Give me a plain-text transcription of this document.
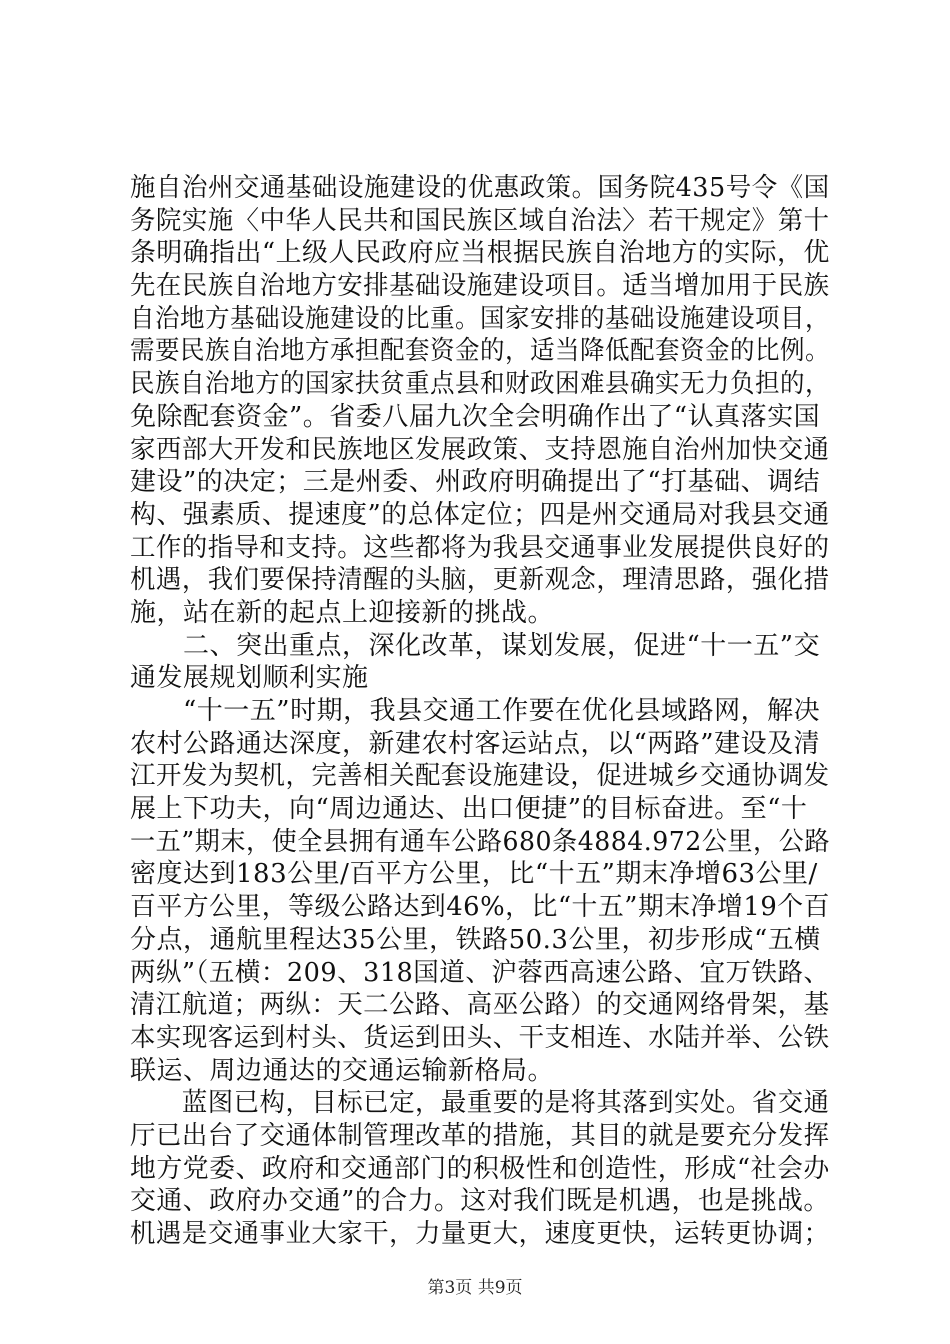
施自治州交通基础设施建设的优惠政策。国务院435号令《国
务院实施〈中华人民共和国民族区域自治法〉若干规定》第十
条明确指出“上级人民政府应当根据民族自治地方的实际，优
先在民族自治地方安排基础设施建设项目。适当增加用于民族
自治地方基础设施建设的比重。国家安排的基础设施建设项目，
需要民族自治地方承担配套资金的，适当降低配套资金的比例。
民族自治地方的国家扶贫重点县和财政困难县确实无力负担的，
免除配套资金”。省委八届九次全会明确作出了“认真落实国
家西部大开发和民族地区发展政策、支持恩施自治州加快交通
建设”的决定；三是州委、州政府明确提出了“打基础、调结
构、强素质、提速度”的总体定位；四是州交通局对我县交通
工作的指导和支持。这些都将为我县交通事业发展提供良好的
机遇，我们要保持清醒的头脑，更新观念，理清思路，强化措
施，站在新的起点上迎接新的挑战。
　　二、突出重点，深化改革，谋划发展，促进“十一五”交
通发展规划顺利实施
　　“十一五”时期，我县交通工作要在优化县域路网，解决
农村公路通达深度，新建农村客运站点，以“两路”建设及清
江开发为契机，完善相关配套设施建设，促进城乡交通协调发
展上下功夫，向“周边通达、出口便捷”的目标奋进。至“十
一五”期末，使全县拥有通车公路680条4884.972公里，公路
密度达到183公里/百平方公里，比“十五”期末净增63公里/
百平方公里，等级公路达到46%，比“十五”期末净增19个百
分点，通航里程达35公里，铁路50.3公里，初步形成“五横
两纵”（五横：209、318国道、沪蓉西高速公路、宜万铁路、
清江航道；两纵：天二公路、高巫公路）的交通网络骨架，基
本实现客运到村头、货运到田头、干支相连、水陆并举、公铁
联运、周边通达的交通运输新格局。
　　蓝图已构，目标已定，最重要的是将其落到实处。省交通
厅已出台了交通体制管理改革的措施，其目的就是要充分发挥
地方党委、政府和交通部门的积极性和创造性，形成“社会办
交通、政府办交通”的合力。这对我们既是机遇，也是挑战。
机遇是交通事业大家干，力量更大，速度更快，运转更协调；
第3页 共9页
